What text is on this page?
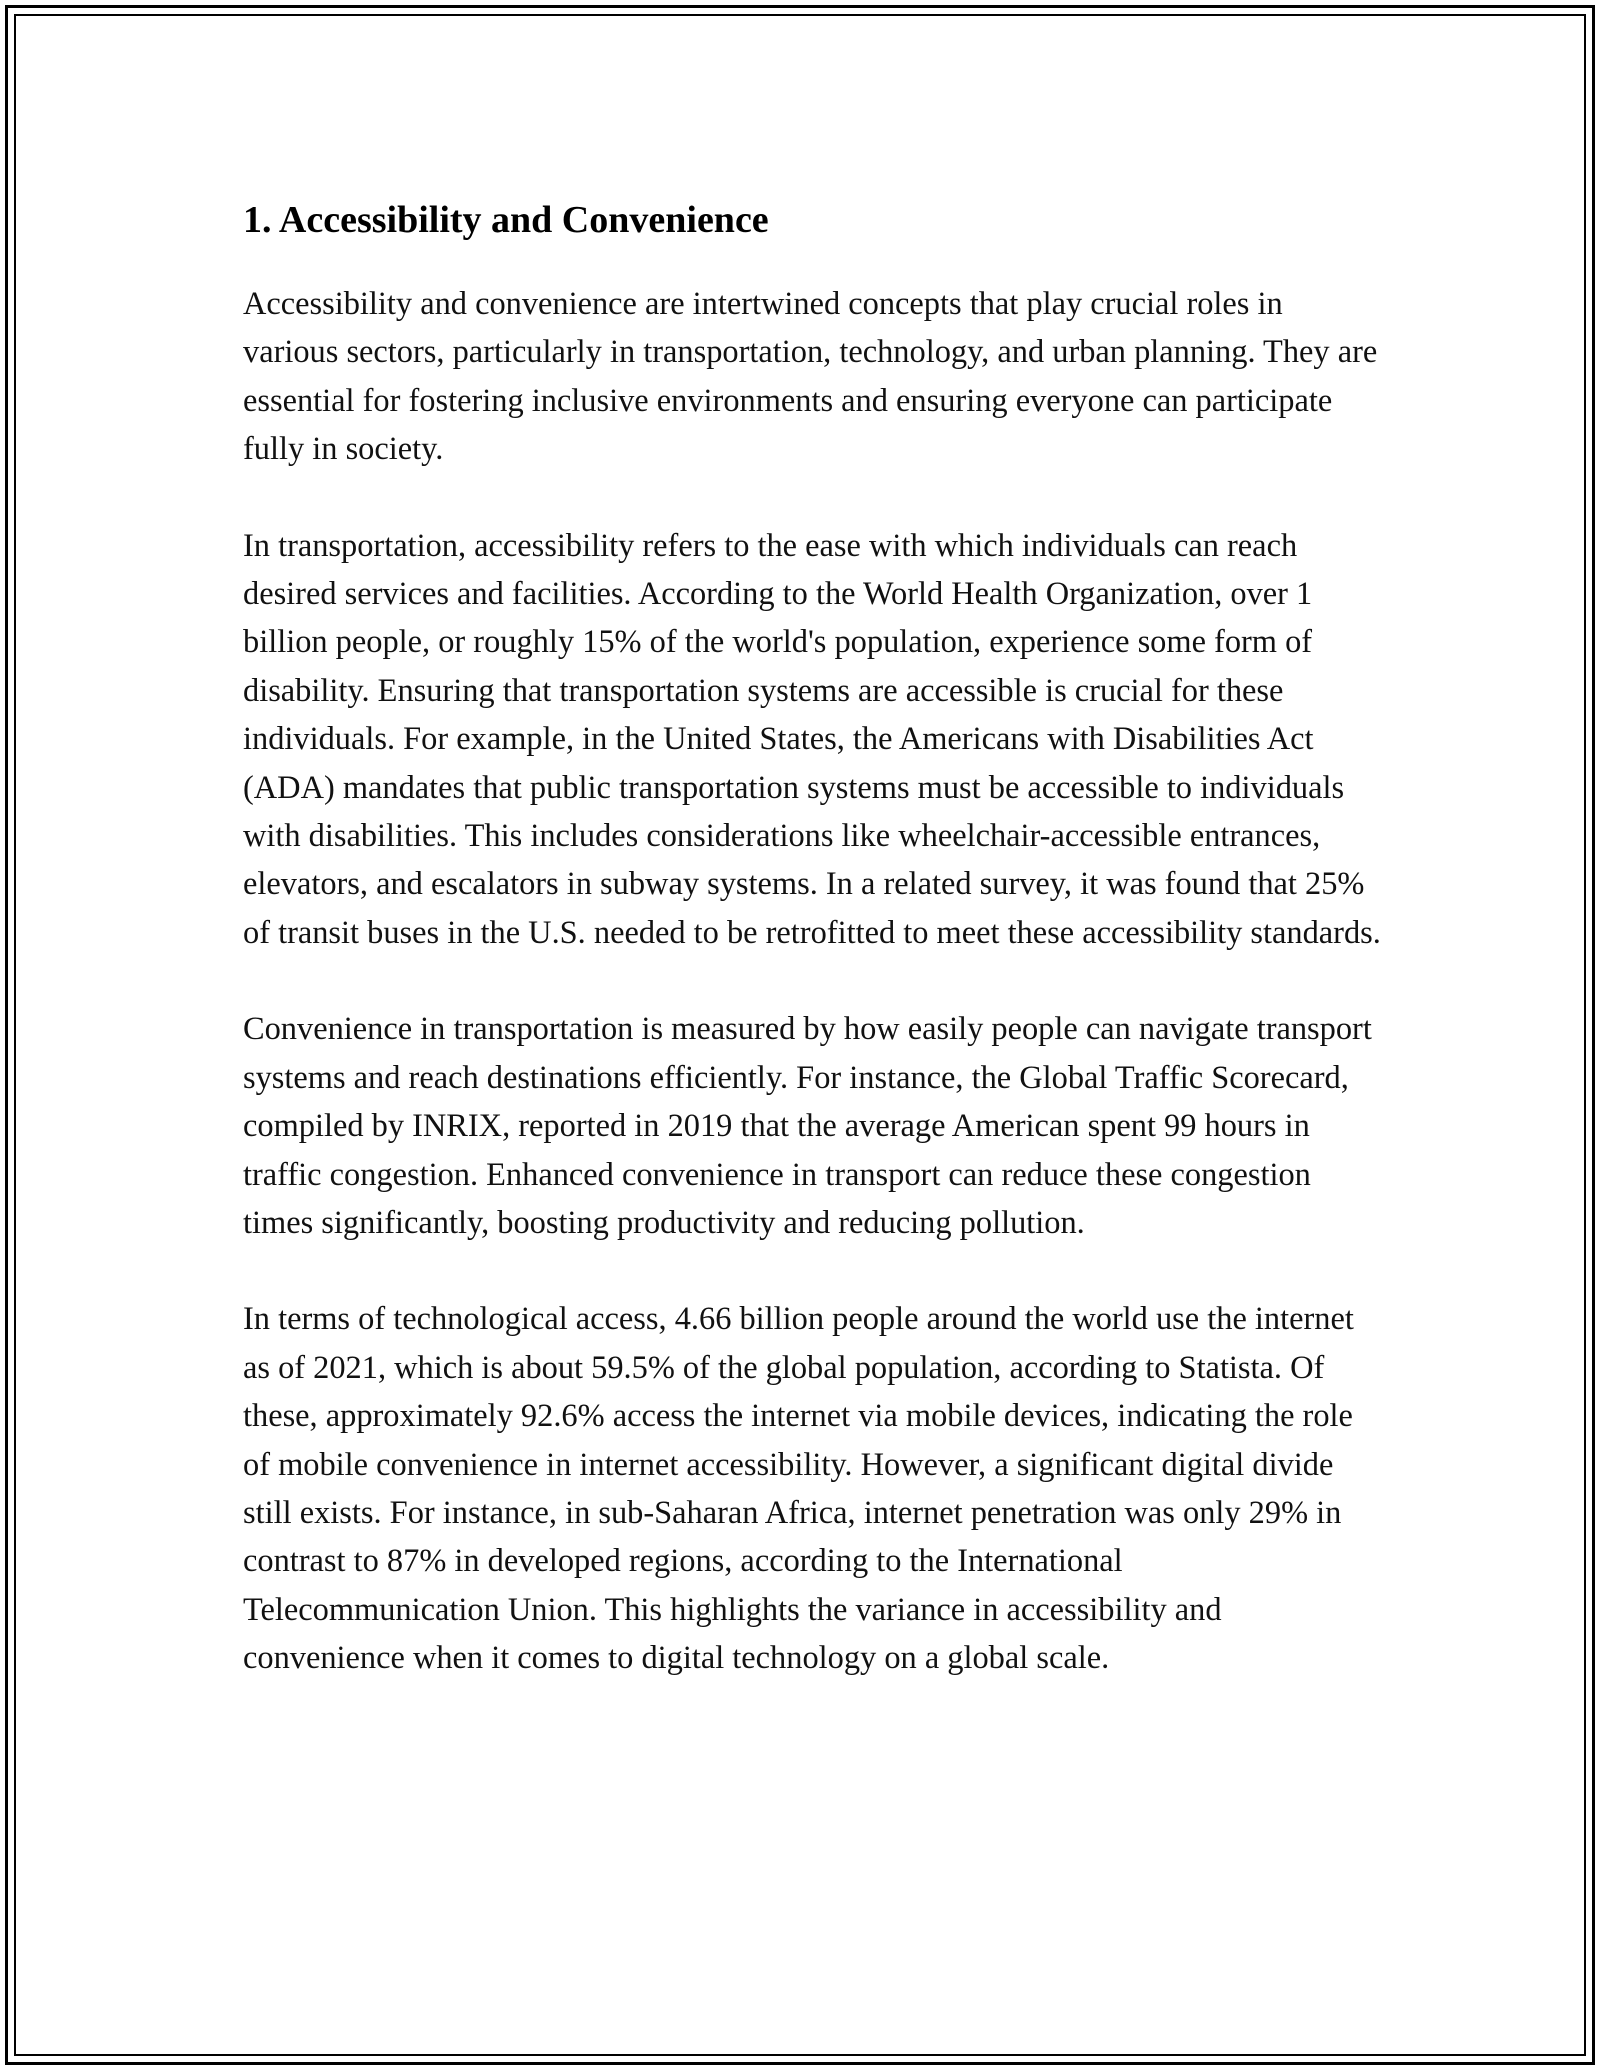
1. Accessibility and Convenience

Accessibility and convenience are intertwined concepts that play crucial roles in various sectors, particularly in transportation, technology, and urban planning. They are essential for fostering inclusive environments and ensuring everyone can participate fully in society.

In transportation, accessibility refers to the ease with which individuals can reach desired services and facilities. According to the World Health Organization, over 1 billion people, or roughly 15% of the world's population, experience some form of disability. Ensuring that transportation systems are accessible is crucial for these individuals. For example, in the United States, the Americans with Disabilities Act (ADA) mandates that public transportation systems must be accessible to individuals with disabilities. This includes considerations like wheelchair-accessible entrances, elevators, and escalators in subway systems. In a related survey, it was found that 25% of transit buses in the U.S. needed to be retrofitted to meet these accessibility standards.

Convenience in transportation is measured by how easily people can navigate transport systems and reach destinations efficiently. For instance, the Global Traffic Scorecard, compiled by INRIX, reported in 2019 that the average American spent 99 hours in traffic congestion. Enhanced convenience in transport can reduce these congestion times significantly, boosting productivity and reducing pollution.

In terms of technological access, 4.66 billion people around the world use the internet as of 2021, which is about 59.5% of the global population, according to Statista. Of these, approximately 92.6% access the internet via mobile devices, indicating the role of mobile convenience in internet accessibility. However, a significant digital divide still exists. For instance, in sub-Saharan Africa, internet penetration was only 29% in contrast to 87% in developed regions, according to the International Telecommunication Union. This highlights the variance in accessibility and convenience when it comes to digital technology on a global scale.
